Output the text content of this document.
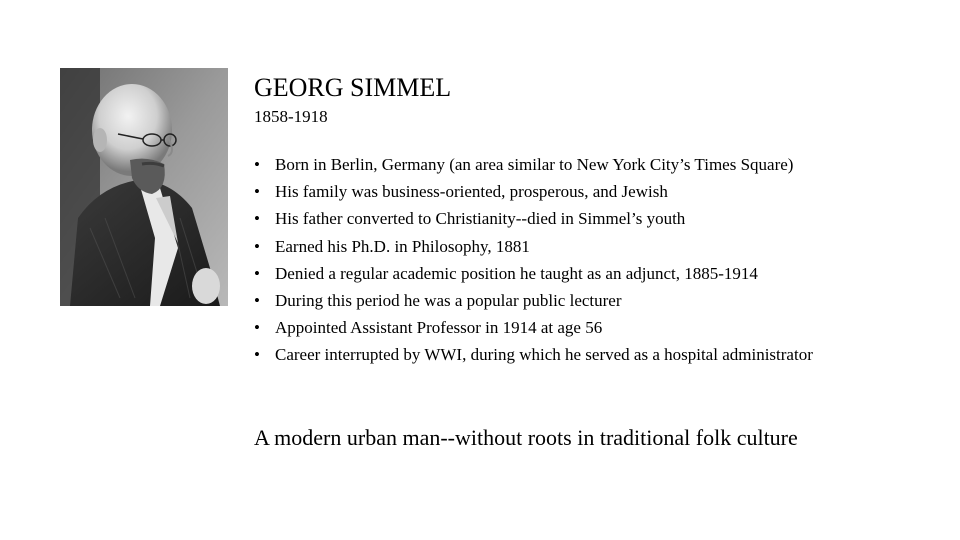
GEORG SIMMEL
1858-1918
• Born in Berlin, Germany (an area similar to New York City’s Times Square)
• His family was business-oriented, prosperous, and Jewish
• His father converted to Christianity--died in Simmel’s youth
• Earned his Ph.D. in Philosophy, 1881
• Denied a regular academic position he taught as an adjunct, 1885-1914
• During this period he was a popular public lecturer
• Appointed Assistant Professor in 1914 at age 56
• Career interrupted by WWI, during which he served as a hospital administrator
A modern urban man--without roots in traditional folk culture
